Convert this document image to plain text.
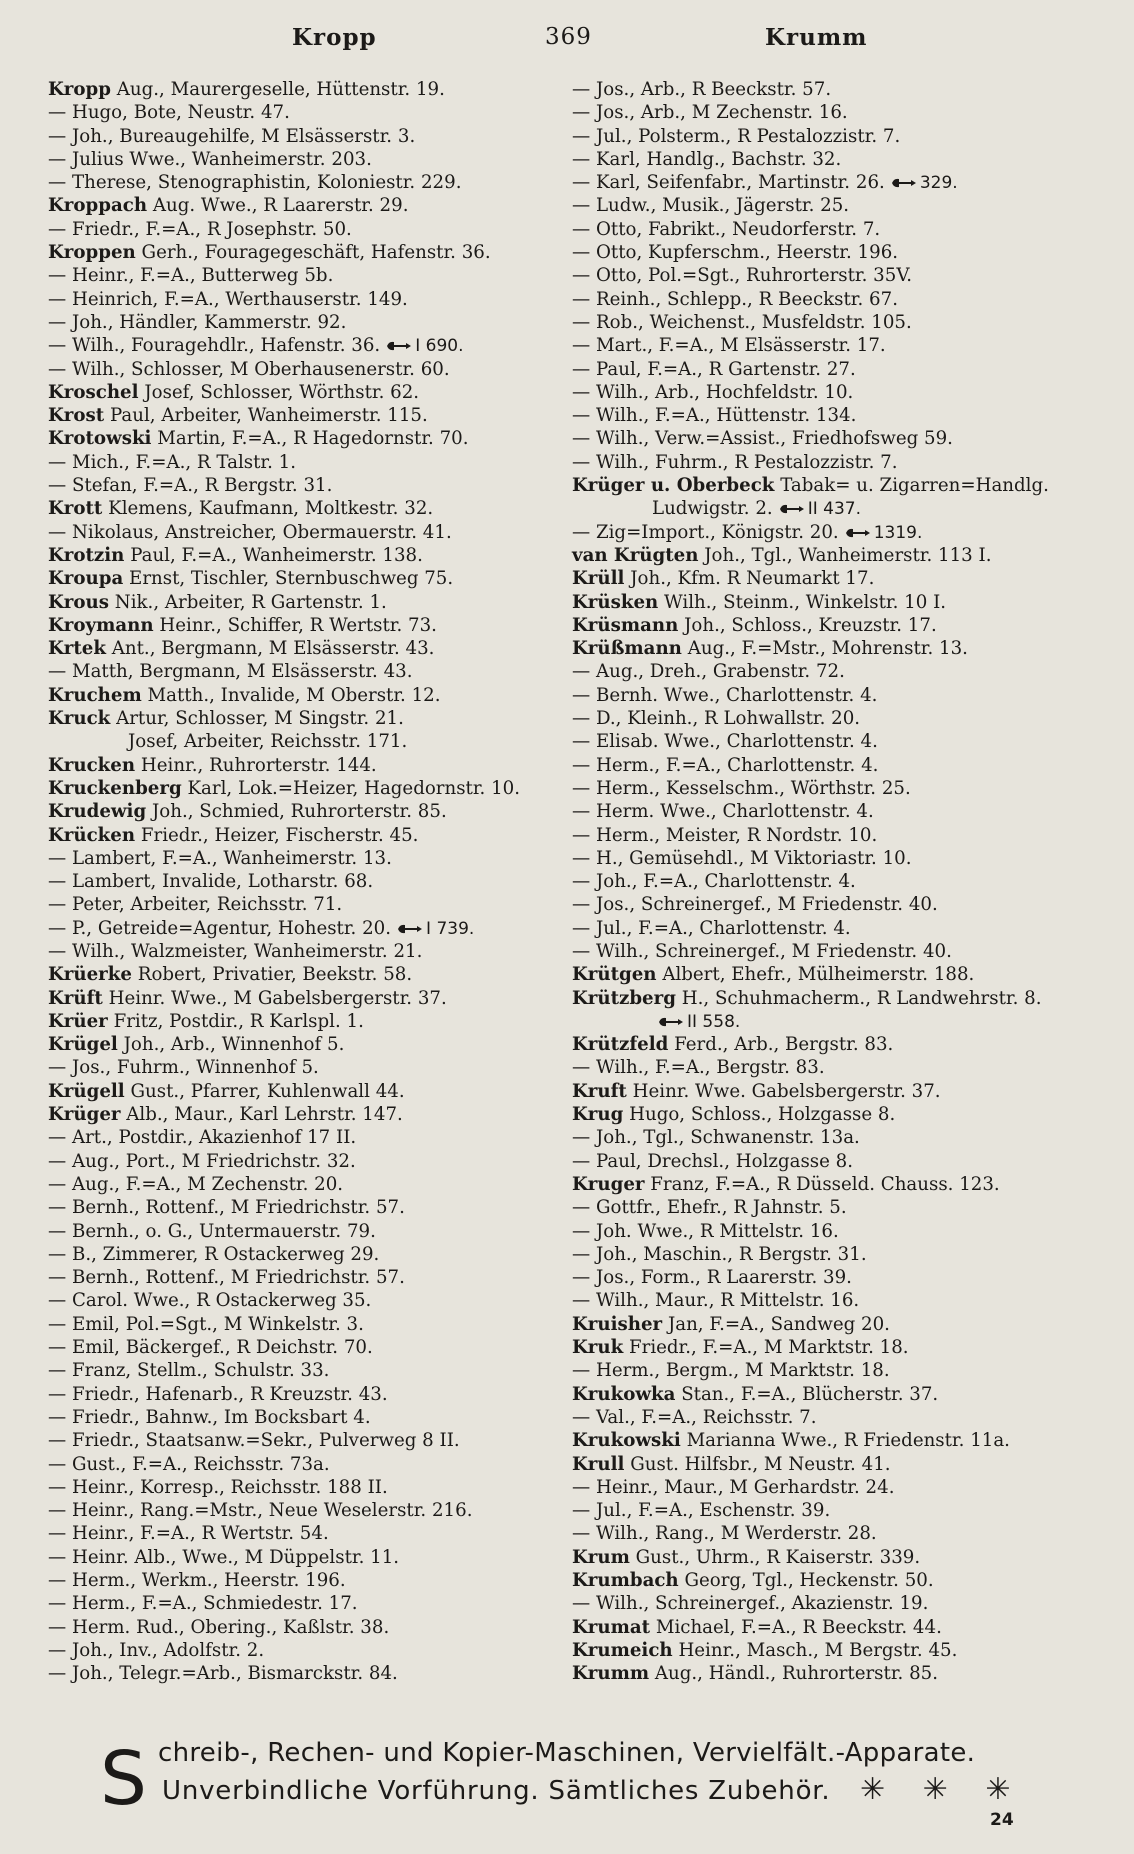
Kropp	369	Krumm
Kropp Aug., Maurergeselle, Hüttenstr. 19.
— Hugo, Bote, Neustr. 47.
— Joh., Bureaugehilfe, M Elsässerstr. 3.
— Julius Wwe., Wanheimerstr. 203.
— Therese, Stenographistin, Koloniestr. 229.
Kroppach Aug. Wwe., R Laarerstr. 29.
— Friedr., F.=A., R Josephstr. 50.
Kroppen Gerh., Fouragegeschäft, Hafenstr. 36.
— Heinr., F.=A., Butterweg 5b.
— Heinrich, F.=A., Werthauserstr. 149.
— Joh., Händler, Kammerstr. 92.
— Wilh., Fouragehdlr., Hafenstr. 36. I 690.
— Wilh., Schlosser, M Oberhausenerstr. 60.
Kroschel Josef, Schlosser, Wörthstr. 62.
Krost Paul, Arbeiter, Wanheimerstr. 115.
Krotowski Martin, F.=A., R Hagedornstr. 70.
— Mich., F.=A., R Talstr. 1.
— Stefan, F.=A., R Bergstr. 31.
Krott Klemens, Kaufmann, Moltkestr. 32.
— Nikolaus, Anstreicher, Obermauerstr. 41.
Krotzin Paul, F.=A., Wanheimerstr. 138.
Kroupa Ernst, Tischler, Sternbuschweg 75.
Krous Nik., Arbeiter, R Gartenstr. 1.
Kroymann Heinr., Schiffer, R Wertstr. 73.
Krtek Ant., Bergmann, M Elsässerstr. 43.
— Matth, Bergmann, M Elsässerstr. 43.
Kruchem Matth., Invalide, M Oberstr. 12.
Kruck Artur, Schlosser, M Singstr. 21.
Josef, Arbeiter, Reichsstr. 171.
Krucken Heinr., Ruhrorterstr. 144.
Kruckenberg Karl, Lok.=Heizer, Hagedornstr. 10.
Krudewig Joh., Schmied, Ruhrorterstr. 85.
Krücken Friedr., Heizer, Fischerstr. 45.
— Lambert, F.=A., Wanheimerstr. 13.
— Lambert, Invalide, Lotharstr. 68.
— Peter, Arbeiter, Reichsstr. 71.
— P., Getreide=Agentur, Hohestr. 20. I 739.
— Wilh., Walzmeister, Wanheimerstr. 21.
Krüerke Robert, Privatier, Beekstr. 58.
Krüft Heinr. Wwe., M Gabelsbergerstr. 37.
Krüer Fritz, Postdir., R Karlspl. 1.
Krügel Joh., Arb., Winnenhof 5.
— Jos., Fuhrm., Winnenhof 5.
Krügell Gust., Pfarrer, Kuhlenwall 44.
Krüger Alb., Maur., Karl Lehrstr. 147.
— Art., Postdir., Akazienhof 17 II.
— Aug., Port., M Friedrichstr. 32.
— Aug., F.=A., M Zechenstr. 20.
— Bernh., Rottenf., M Friedrichstr. 57.
— Bernh., o. G., Untermauerstr. 79.
— B., Zimmerer, R Ostackerweg 29.
— Bernh., Rottenf., M Friedrichstr. 57.
— Carol. Wwe., R Ostackerweg 35.
— Emil, Pol.=Sgt., M Winkelstr. 3.
— Emil, Bäckergef., R Deichstr. 70.
— Franz, Stellm., Schulstr. 33.
— Friedr., Hafenarb., R Kreuzstr. 43.
— Friedr., Bahnw., Im Bocksbart 4.
— Friedr., Staatsanw.=Sekr., Pulverweg 8 II.
— Gust., F.=A., Reichsstr. 73a.
— Heinr., Korresp., Reichsstr. 188 II.
— Heinr., Rang.=Mstr., Neue Weselerstr. 216.
— Heinr., F.=A., R Wertstr. 54.
— Heinr. Alb., Wwe., M Düppelstr. 11.
— Herm., Werkm., Heerstr. 196.
— Herm., F.=A., Schmiedestr. 17.
— Herm. Rud., Obering., Kaßlstr. 38.
— Joh., Inv., Adolfstr. 2.
— Joh., Telegr.=Arb., Bismarckstr. 84.
— Jos., Arb., R Beeckstr. 57.
— Jos., Arb., M Zechenstr. 16.
— Jul., Polsterm., R Pestalozzistr. 7.
— Karl, Handlg., Bachstr. 32.
— Karl, Seifenfabr., Martinstr. 26. 329.
— Ludw., Musik., Jägerstr. 25.
— Otto, Fabrikt., Neudorferstr. 7.
— Otto, Kupferschm., Heerstr. 196.
— Otto, Pol.=Sgt., Ruhrorterstr. 35V.
— Reinh., Schlepp., R Beeckstr. 67.
— Rob., Weichenst., Musfeldstr. 105.
— Mart., F.=A., M Elsässerstr. 17.
— Paul, F.=A., R Gartenstr. 27.
— Wilh., Arb., Hochfeldstr. 10.
— Wilh., F.=A., Hüttenstr. 134.
— Wilh., Verw.=Assist., Friedhofsweg 59.
— Wilh., Fuhrm., R Pestalozzistr. 7.
Krüger u. Oberbeck Tabak= u. Zigarren=Handlg.
Ludwigstr. 2. II 437.
— Zig=Import., Königstr. 20. 1319.
van Krügten Joh., Tgl., Wanheimerstr. 113 I.
Krüll Joh., Kfm. R Neumarkt 17.
Krüsken Wilh., Steinm., Winkelstr. 10 I.
Krüsmann Joh., Schloss., Kreuzstr. 17.
Krüßmann Aug., F.=Mstr., Mohrenstr. 13.
— Aug., Dreh., Grabenstr. 72.
— Bernh. Wwe., Charlottenstr. 4.
— D., Kleinh., R Lohwallstr. 20.
— Elisab. Wwe., Charlottenstr. 4.
— Herm., F.=A., Charlottenstr. 4.
— Herm., Kesselschm., Wörthstr. 25.
— Herm. Wwe., Charlottenstr. 4.
— Herm., Meister, R Nordstr. 10.
— H., Gemüsehdl., M Viktoriastr. 10.
— Joh., F.=A., Charlottenstr. 4.
— Jos., Schreinergef., M Friedenstr. 40.
— Jul., F.=A., Charlottenstr. 4.
— Wilh., Schreinergef., M Friedenstr. 40.
Krütgen Albert, Ehefr., Mülheimerstr. 188.
Krützberg H., Schuhmacherm., R Landwehrstr. 8.
II 558.
Krützfeld Ferd., Arb., Bergstr. 83.
— Wilh., F.=A., Bergstr. 83.
Kruft Heinr. Wwe. Gabelsbergerstr. 37.
Krug Hugo, Schloss., Holzgasse 8.
— Joh., Tgl., Schwanenstr. 13a.
— Paul, Drechsl., Holzgasse 8.
Kruger Franz, F.=A., R Düsseld. Chauss. 123.
— Gottfr., Ehefr., R Jahnstr. 5.
— Joh. Wwe., R Mittelstr. 16.
— Joh., Maschin., R Bergstr. 31.
— Jos., Form., R Laarerstr. 39.
— Wilh., Maur., R Mittelstr. 16.
Kruisher Jan, F.=A., Sandweg 20.
Kruk Friedr., F.=A., M Marktstr. 18.
— Herm., Bergm., M Marktstr. 18.
Krukowka Stan., F.=A., Blücherstr. 37.
— Val., F.=A., Reichsstr. 7.
Krukowski Marianna Wwe., R Friedenstr. 11a.
Krull Gust. Hilfsbr., M Neustr. 41.
— Heinr., Maur., M Gerhardstr. 24.
— Jul., F.=A., Eschenstr. 39.
— Wilh., Rang., M Werderstr. 28.
Krum Gust., Uhrm., R Kaiserstr. 339.
Krumbach Georg, Tgl., Heckenstr. 50.
— Wilh., Schreinergef., Akazienstr. 19.
Krumat Michael, F.=A., R Beeckstr. 44.
Krumeich Heinr., Masch., M Bergstr. 45.
Krumm Aug., Händl., Ruhrorterstr. 85.
S chreib-, Rechen- und Kopier-Maschinen, Vervielfält.-Apparate.
Unverbindliche Vorführung. Sämtliches Zubehör. ✳ ✳ ✳
24
